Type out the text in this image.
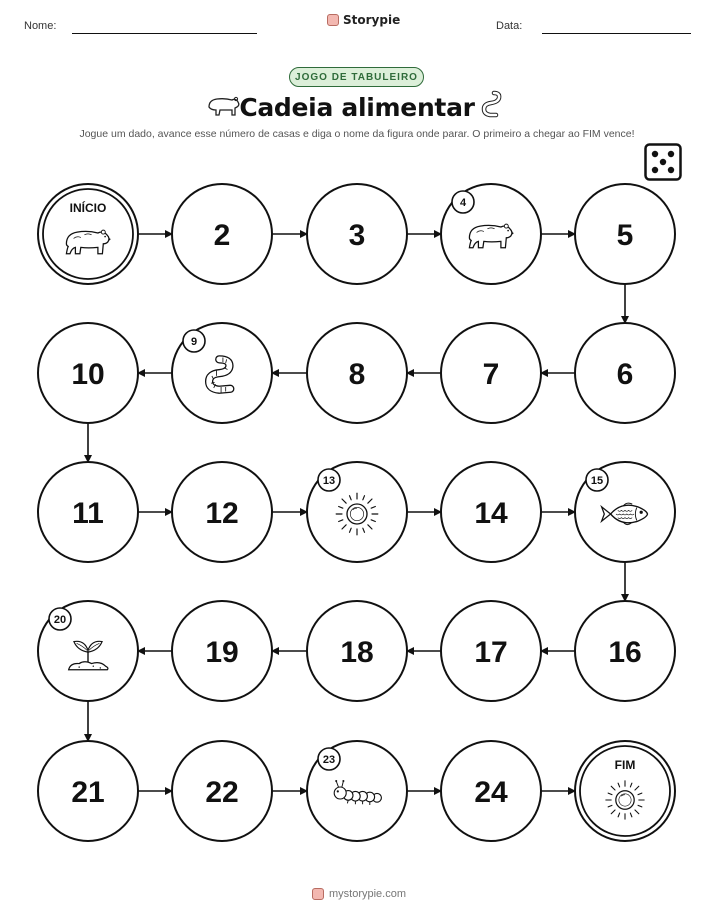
Nome:	Storypie	Data:
JOGO DE TABULEIRO
Cadeia alimentar
Jogue um dado, avance esse número de casas e diga o nome da figura onde parar. O primeiro a chegar ao FIM vence!
INÍCIO
2	3
4
5
6
7
8
9
10
11	12
13
14
15
16
17
18
19
20
21	22
23
24
FIM
mystorypie.com
